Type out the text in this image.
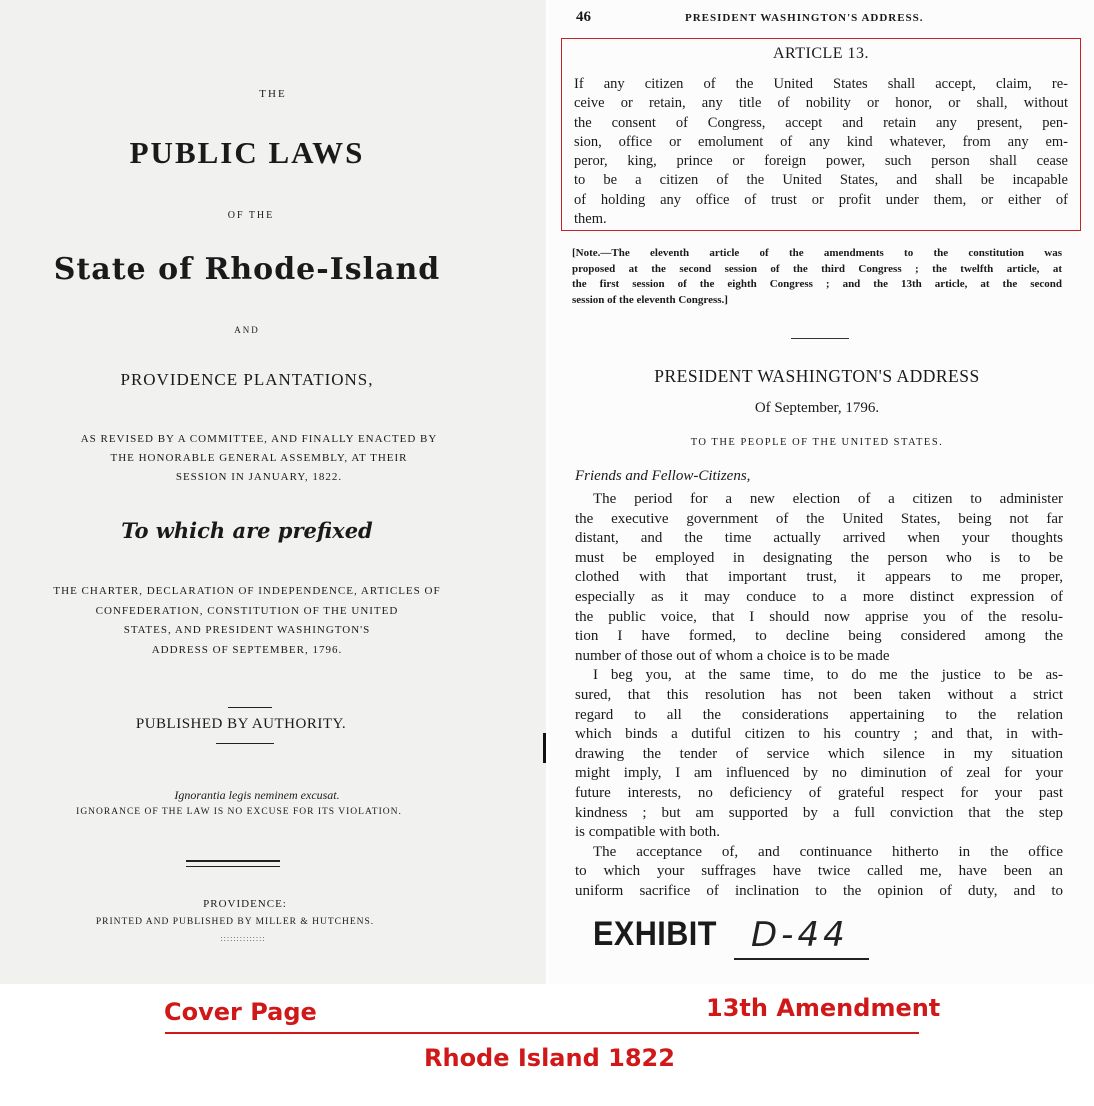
THE
PUBLIC LAWS
OF THE
State of Rhode-Island
AND
PROVIDENCE PLANTATIONS,
AS REVISED BY A COMMITTEE, AND FINALLY ENACTED BY
THE HONORABLE GENERAL ASSEMBLY, AT THEIR
SESSION IN JANUARY, 1822.
To which are prefixed
THE CHARTER, DECLARATION OF INDEPENDENCE, ARTICLES OF
CONFEDERATION, CONSTITUTION OF THE UNITED
STATES, AND PRESIDENT WASHINGTON'S
ADDRESS OF SEPTEMBER, 1796.
PUBLISHED BY AUTHORITY.
Ignorantia legis neminem excusat.
IGNORANCE OF THE LAW IS NO EXCUSE FOR ITS VIOLATION.
PROVIDENCE:
PRINTED AND PUBLISHED BY MILLER & HUTCHENS.
::::::::::::::
46	PRESIDENT WASHINGTON'S ADDRESS.
ARTICLE 13.
If any citizen of the United States shall accept, claim, re-
ceive or retain, any title of nobility or honor, or shall, without
the consent of Congress, accept and retain any present, pen-
sion, office or emolument of any kind whatever, from any em-
peror, king, prince or foreign power, such person shall cease
to be a citizen of the United States, and shall be incapable
of holding any office of trust or profit under them, or either of
them.
[Note.—The eleventh article of the amendments to the constitution was
proposed at the second session of the third Congress ; the twelfth article, at
the first session of the eighth Congress ; and the 13th article, at the second
session of the eleventh Congress.]
PRESIDENT WASHINGTON'S ADDRESS
Of September, 1796.
TO THE PEOPLE OF THE UNITED STATES.
Friends and Fellow-Citizens,
The period for a new election of a citizen to administer
the executive government of the United States, being not far
distant, and the time actually arrived when your thoughts
must be employed in designating the person who is to be
clothed with that important trust, it appears to me proper,
especially as it may conduce to a more distinct expression of
the public voice, that I should now apprise you of the resolu-
tion I have formed, to decline being considered among the
number of those out of whom a choice is to be made
I beg you, at the same time, to do me the justice to be as-
sured, that this resolution has not been taken without a strict
regard to all the considerations appertaining to the relation
which binds a dutiful citizen to his country ; and that, in with-
drawing the tender of service which silence in my situation
might imply, I am influenced by no diminution of zeal for your
future interests, no deficiency of grateful respect for your past
kindness ; but am supported by a full conviction that the step
is compatible with both.
The acceptance of, and continuance hitherto in the office
to which your suffrages have twice called me, have been an
uniform sacrifice of inclination to the opinion of duty, and to
EXHIBIT D-44
Cover Page	13th Amendment
Rhode Island 1822
